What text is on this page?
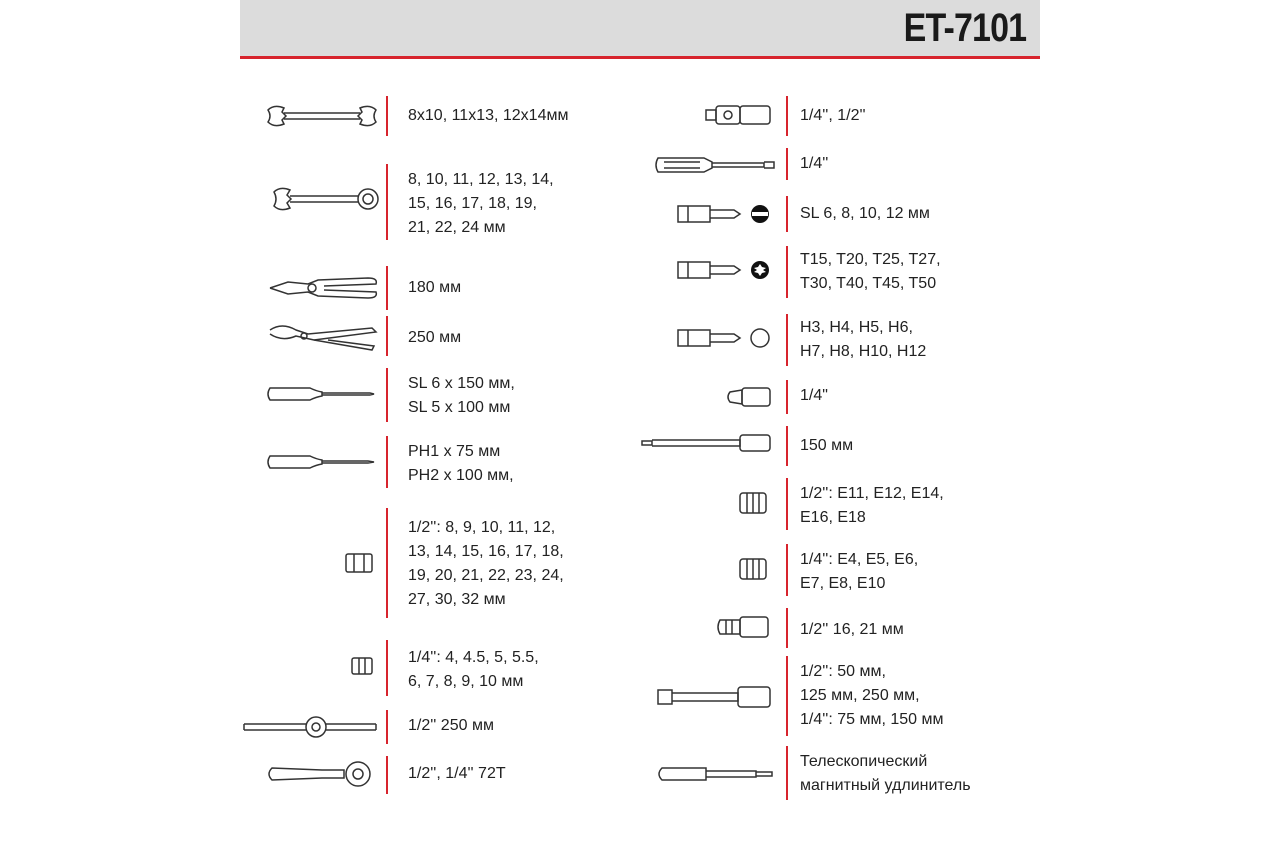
ET-7101
8x10, 11x13, 12x14мм
8, 10, 11, 12, 13, 14,
15, 16, 17, 18, 19,
21, 22, 24 мм
180 мм
250 мм
SL 6 x 150 мм,
SL 5 x 100 мм
PH1 x 75 мм
PH2 x 100 мм,
1/2'': 8, 9, 10, 11, 12,
13, 14, 15, 16, 17, 18,
19, 20, 21, 22, 23, 24,
27, 30, 32 мм
1/4'': 4, 4.5, 5, 5.5,
6, 7, 8, 9, 10 мм
1/2'' 250 мм
1/2'', 1/4'' 72T
1/4'', 1/2''
1/4''
SL 6, 8, 10, 12 мм
T15, T20, T25, T27,
T30, T40, T45, T50
H3, H4, H5, H6,
H7, H8, H10, H12
1/4"
150 мм
1/2'': E11, E12, E14,
E16, E18
1/4'': E4, E5, E6,
E7, E8, E10
1/2'' 16, 21 мм
1/2'': 50 мм,
125 мм, 250 мм,
1/4'': 75 мм, 150 мм
Телескопический
магнитный удлинитель
